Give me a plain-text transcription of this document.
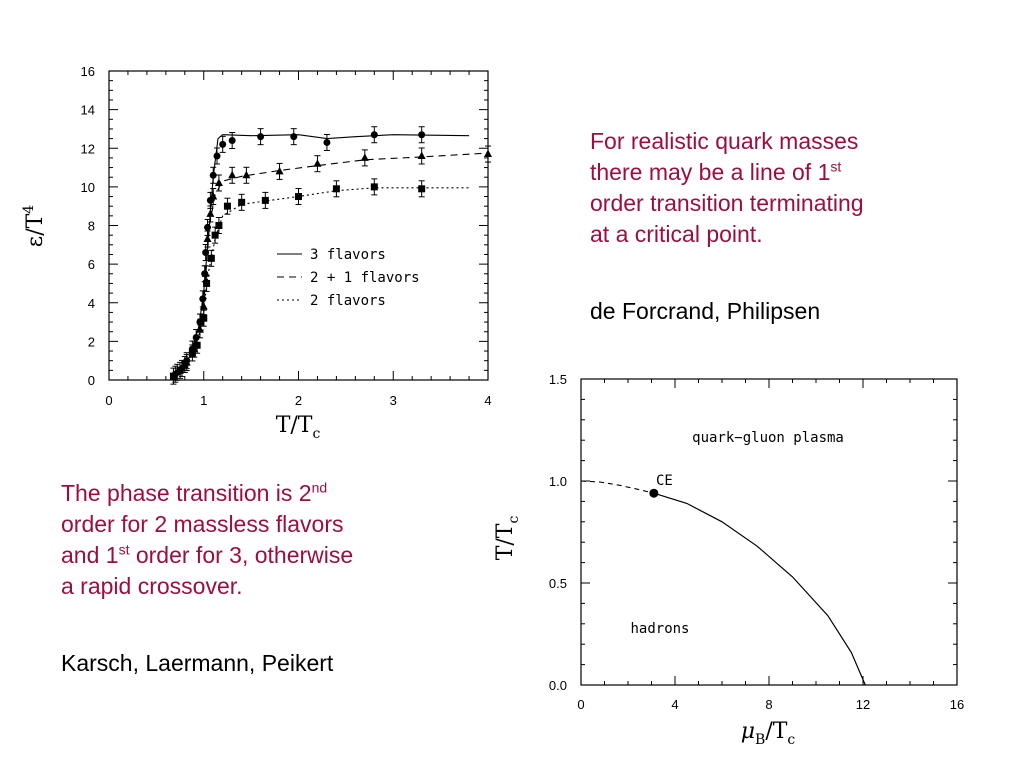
0	1	2	3	4
0
2
4
6
8
10
12
14
16
3 flavors
2 + 1 flavors
2 flavors
$T/T_c$
$\varepsilon/T^4$
0	4	8	12	16
0.0
0.5
1.0
1.5
quark−gluon plasma
hadrons
CE
$\mu_B/T_c$
$T/T_c$
For realistic quark masses
there may be a line of 1st
order transition terminating
at a critical point.
de Forcrand, Philipsen
The phase transition is 2nd
order for 2 massless flavors
and 1st order for 3, otherwise
a rapid crossover.
Karsch, Laermann, Peikert
